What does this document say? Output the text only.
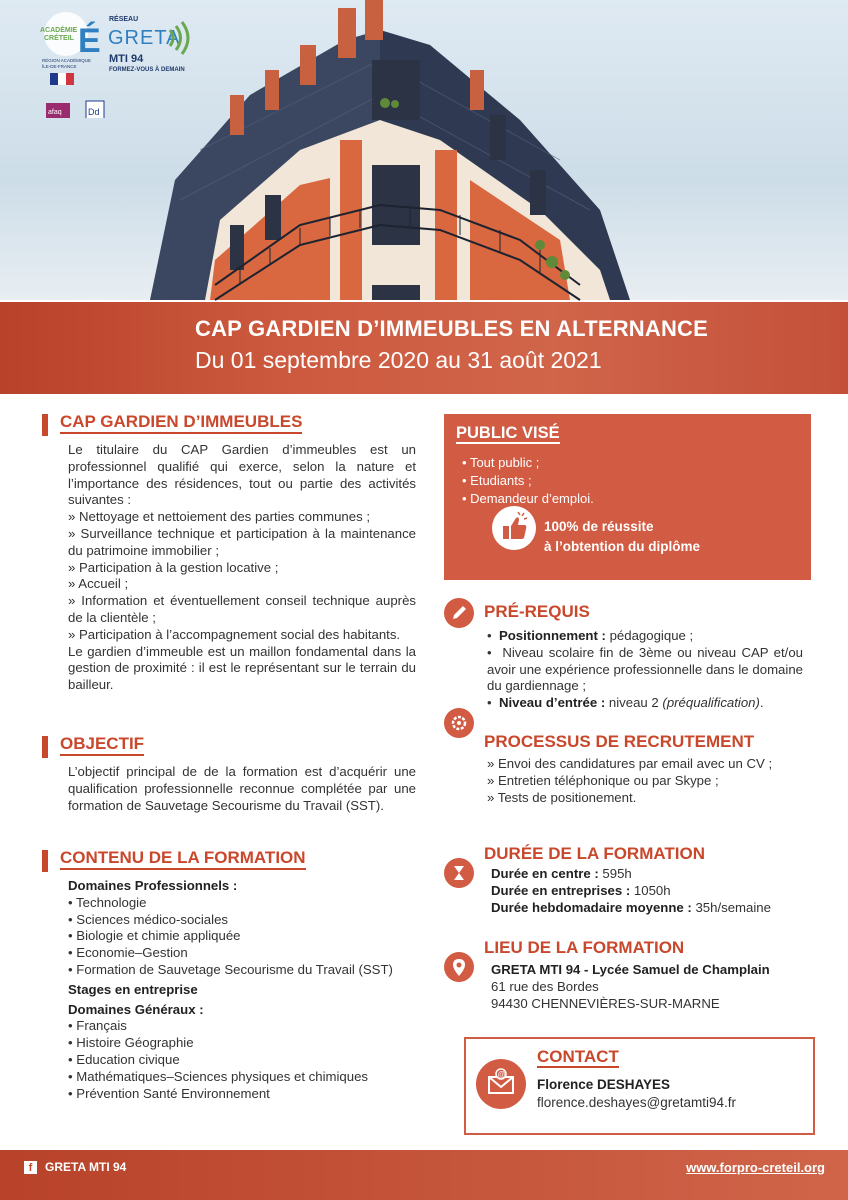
ACADÉMIE
CRÉTEIL É
RÉSEAU
GRETA
MTI 94
FORMEZ-VOUS À DEMAIN
RÉGION ACADÉMIQUE
ÎLE-DE-FRANCE
afaq	Dd
CAP GARDIEN D’IMMEUBLES EN ALTERNANCE
Du 01 septembre 2020 au 31 août 2021
CAP GARDIEN D’IMMEUBLES

Le titulaire du CAP Gardien d’immeubles est un professionnel qualifié qui exerce, selon la nature et l’importance des résidences, tout ou partie des activités suivantes :

» Nettoyage et nettoiement des parties communes ;

» Surveillance technique et participation à la maintenance du patrimoine immobilier ;

» Participation à la gestion locative ;

» Accueil ;

» Information et éventuellement conseil technique auprès de la clientèle ;

» Participation à l’accompagnement social des habitants.

Le gardien d’immeuble est un maillon fondamental dans la gestion de proximité : il est le représentant sur le terrain du bailleur.

OBJECTIF
L’objectif principal de de la formation est d’acquérir une qualification professionnelle reconnue complétée par une formation de Sauvetage Secourisme du Travail (SST).
CONTENU DE LA FORMATION

Domaines Professionnels :

• Technologie

• Sciences médico-sociales

• Biologie et chimie appliquée

• Economie–Gestion

• Formation de Sauvetage Secourisme du Travail (SST)

Stages en entreprise

Domaines Généraux :

• Français

• Histoire Géographie

• Education civique

• Mathématiques–Sciences physiques et chimiques

• Prévention Santé Environnement

PUBLIC VISÉ
• Tout public ;
• Etudiants ;
• Demandeur d’emploi.
100% de réussite
à l’obtention du diplôme
PRÉ-REQUIS

•  Positionnement : pédagogique ;

•  Niveau scolaire fin de 3ème ou niveau CAP et/ou avoir une expérience professionnelle dans le domaine du gardiennage ;

•  Niveau d’entrée : niveau 2 (préqualification).

PROCESSUS DE RECRUTEMENT

» Envoi des candidatures par email avec un CV ;

» Entretien téléphonique ou par Skype ;

» Tests de positionement.

DURÉE DE LA FORMATION

Durée en centre : 595h

Durée en entreprises : 1050h

Durée hebdomadaire moyenne : 35h/semaine

LIEU DE LA FORMATION

GRETA MTI 94 - Lycée Samuel de Champlain

61 rue des Bordes

94430 CHENNEVIÈRES-SUR-MARNE

@
CONTACT
Florence DESHAYES
florence.deshayes@gretamti94.fr
f GRETA MTI 94	www.forpro-creteil.org
